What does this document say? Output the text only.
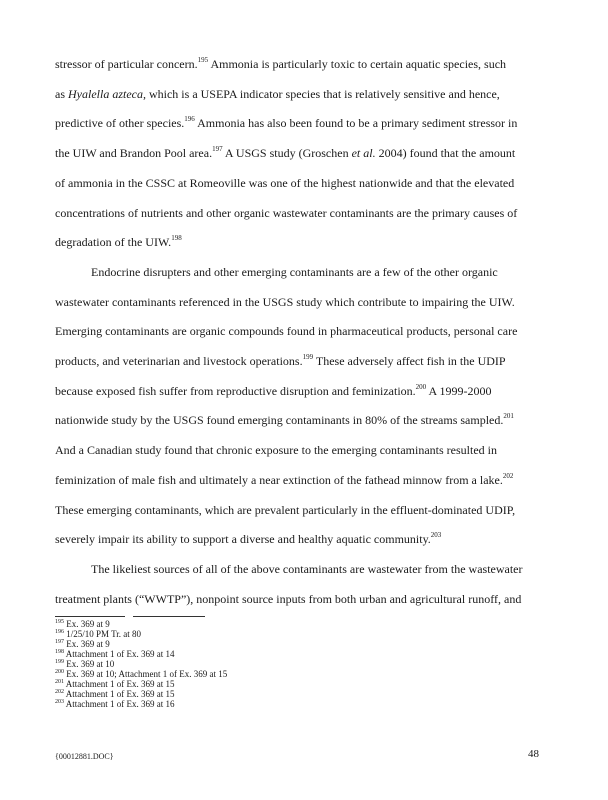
stressor of particular concern.$^{195}$ Ammonia is particularly toxic to certain aquatic species, such
as Hyalella azteca, which is a USEPA indicator species that is relatively sensitive and hence,
predictive of other species.$^{196}$ Ammonia has also been found to be a primary sediment stressor in
the UIW and Brandon Pool area.$^{197}$ A USGS study (Groschen et al. 2004) found that the amount
of ammonia in the CSSC at Romeoville was one of the highest nationwide and that the elevated
concentrations of nutrients and other organic wastewater contaminants are the primary causes of
degradation of the UIW.$^{198}$
Endocrine disrupters and other emerging contaminants are a few of the other organic
wastewater contaminants referenced in the USGS study which contribute to impairing the UIW.
Emerging contaminants are organic compounds found in pharmaceutical products, personal care
products, and veterinarian and livestock operations.$^{199}$ These adversely affect fish in the UDIP
because exposed fish suffer from reproductive disruption and feminization.$^{200}$ A 1999-2000
nationwide study by the USGS found emerging contaminants in 80% of the streams sampled.$^{201}$
And a Canadian study found that chronic exposure to the emerging contaminants resulted in
feminization of male fish and ultimately a near extinction of the fathead minnow from a lake.$^{202}$
These emerging contaminants, which are prevalent particularly in the effluent-dominated UDIP,
severely impair its ability to support a diverse and healthy aquatic community.$^{203}$
The likeliest sources of all of the above contaminants are wastewater from the wastewater
treatment plants (“WWTP”), nonpoint source inputs from both urban and agricultural runoff, and
$^{195}$ Ex. 369 at 9
$^{196}$ 1/25/10 PM Tr. at 80
$^{197}$ Ex. 369 at 9
$^{198}$ Attachment 1 of Ex. 369 at 14
$^{199}$ Ex. 369 at 10
$^{200}$ Ex. 369 at 10; Attachment 1 of Ex. 369 at 15
$^{201}$ Attachment 1 of Ex. 369 at 15
$^{202}$ Attachment 1 of Ex. 369 at 15
$^{203}$ Attachment 1 of Ex. 369 at 16
{00012881.DOC}	48
